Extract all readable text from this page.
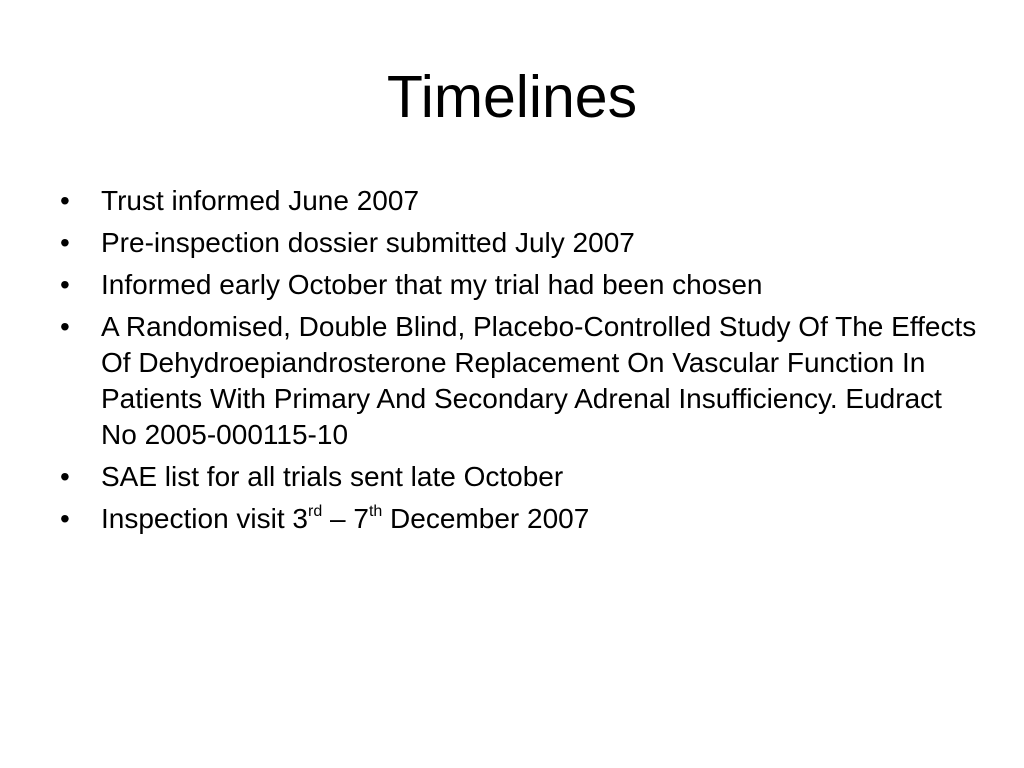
Timelines
• Trust informed June 2007
• Pre-inspection dossier submitted July 2007
• Informed early October that my trial had been chosen
• A Randomised, Double Blind, Placebo-Controlled Study Of The Effects Of Dehydroepiandrosterone Replacement On Vascular Function In Patients With Primary And Secondary Adrenal Insufficiency. Eudract No 2005-000115-10
• SAE list for all trials sent late October
• Inspection visit 3rd – 7th December 2007
